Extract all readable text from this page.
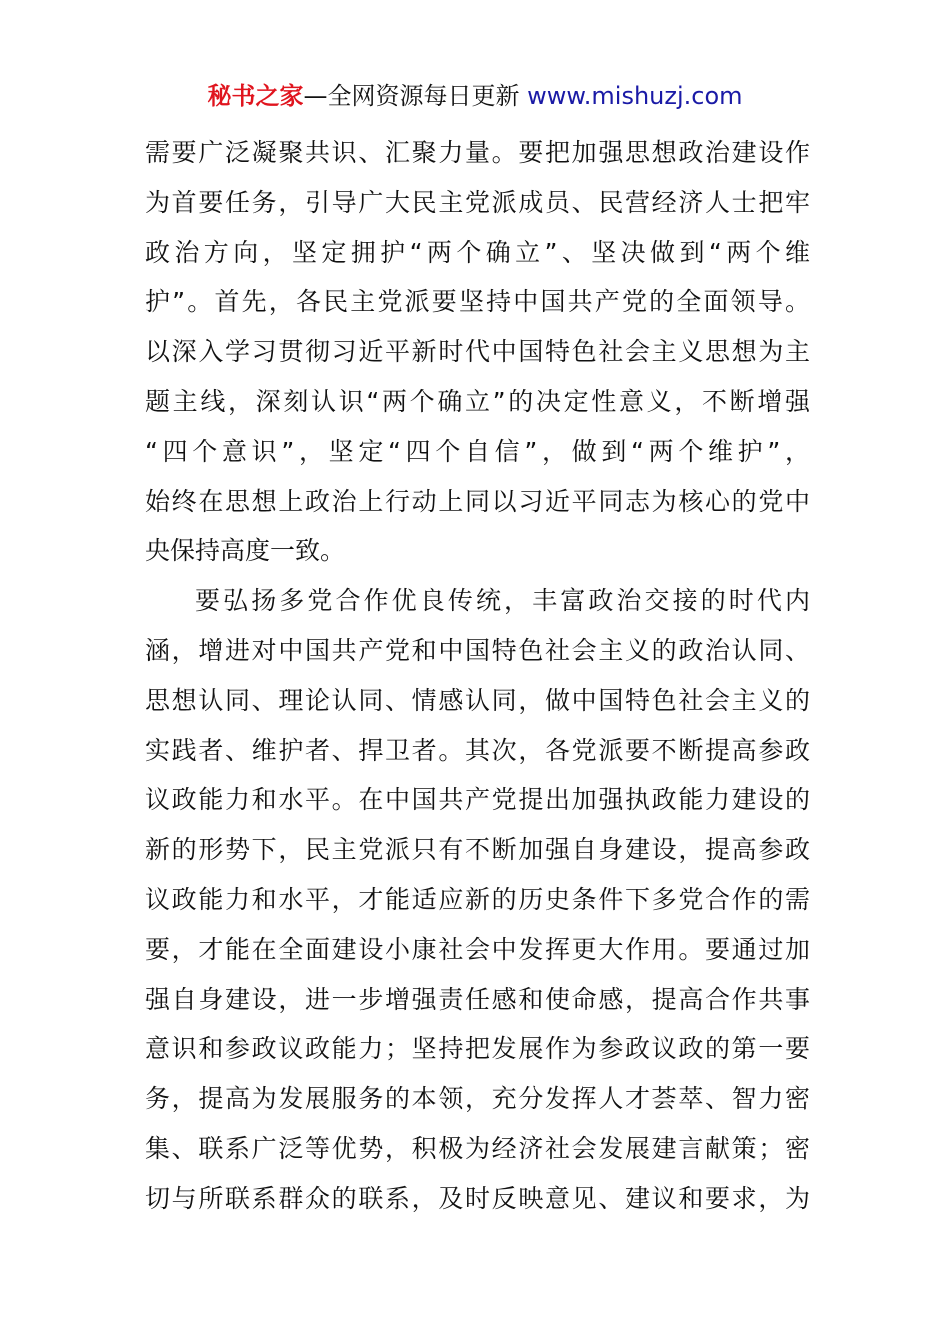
秘书之家—全网资源每日更新 www.mishuzj.com
需要广泛凝聚共识、汇聚力量。要把加强思想政治建设作
为首要任务，引导广大民主党派成员、民营经济人士把牢
政治方向，坚定拥护“两个确立”、坚决做到“两个维
护”。首先，各民主党派要坚持中国共产党的全面领导。
以深入学习贯彻习近平新时代中国特色社会主义思想为主
题主线，深刻认识“两个确立”的决定性意义，不断增强
“四个意识”，坚定“四个自信”，做到“两个维护”，
始终在思想上政治上行动上同以习近平同志为核心的党中
央保持高度一致。
要弘扬多党合作优良传统，丰富政治交接的时代内
涵，增进对中国共产党和中国特色社会主义的政治认同、
思想认同、理论认同、情感认同，做中国特色社会主义的
实践者、维护者、捍卫者。其次，各党派要不断提高参政
议政能力和水平。在中国共产党提出加强执政能力建设的
新的形势下，民主党派只有不断加强自身建设，提高参政
议政能力和水平，才能适应新的历史条件下多党合作的需
要，才能在全面建设小康社会中发挥更大作用。要通过加
强自身建设，进一步增强责任感和使命感，提高合作共事
意识和参政议政能力；坚持把发展作为参政议政的第一要
务，提高为发展服务的本领，充分发挥人才荟萃、智力密
集、联系广泛等优势，积极为经济社会发展建言献策；密
切与所联系群众的联系，及时反映意见、建议和要求，为
